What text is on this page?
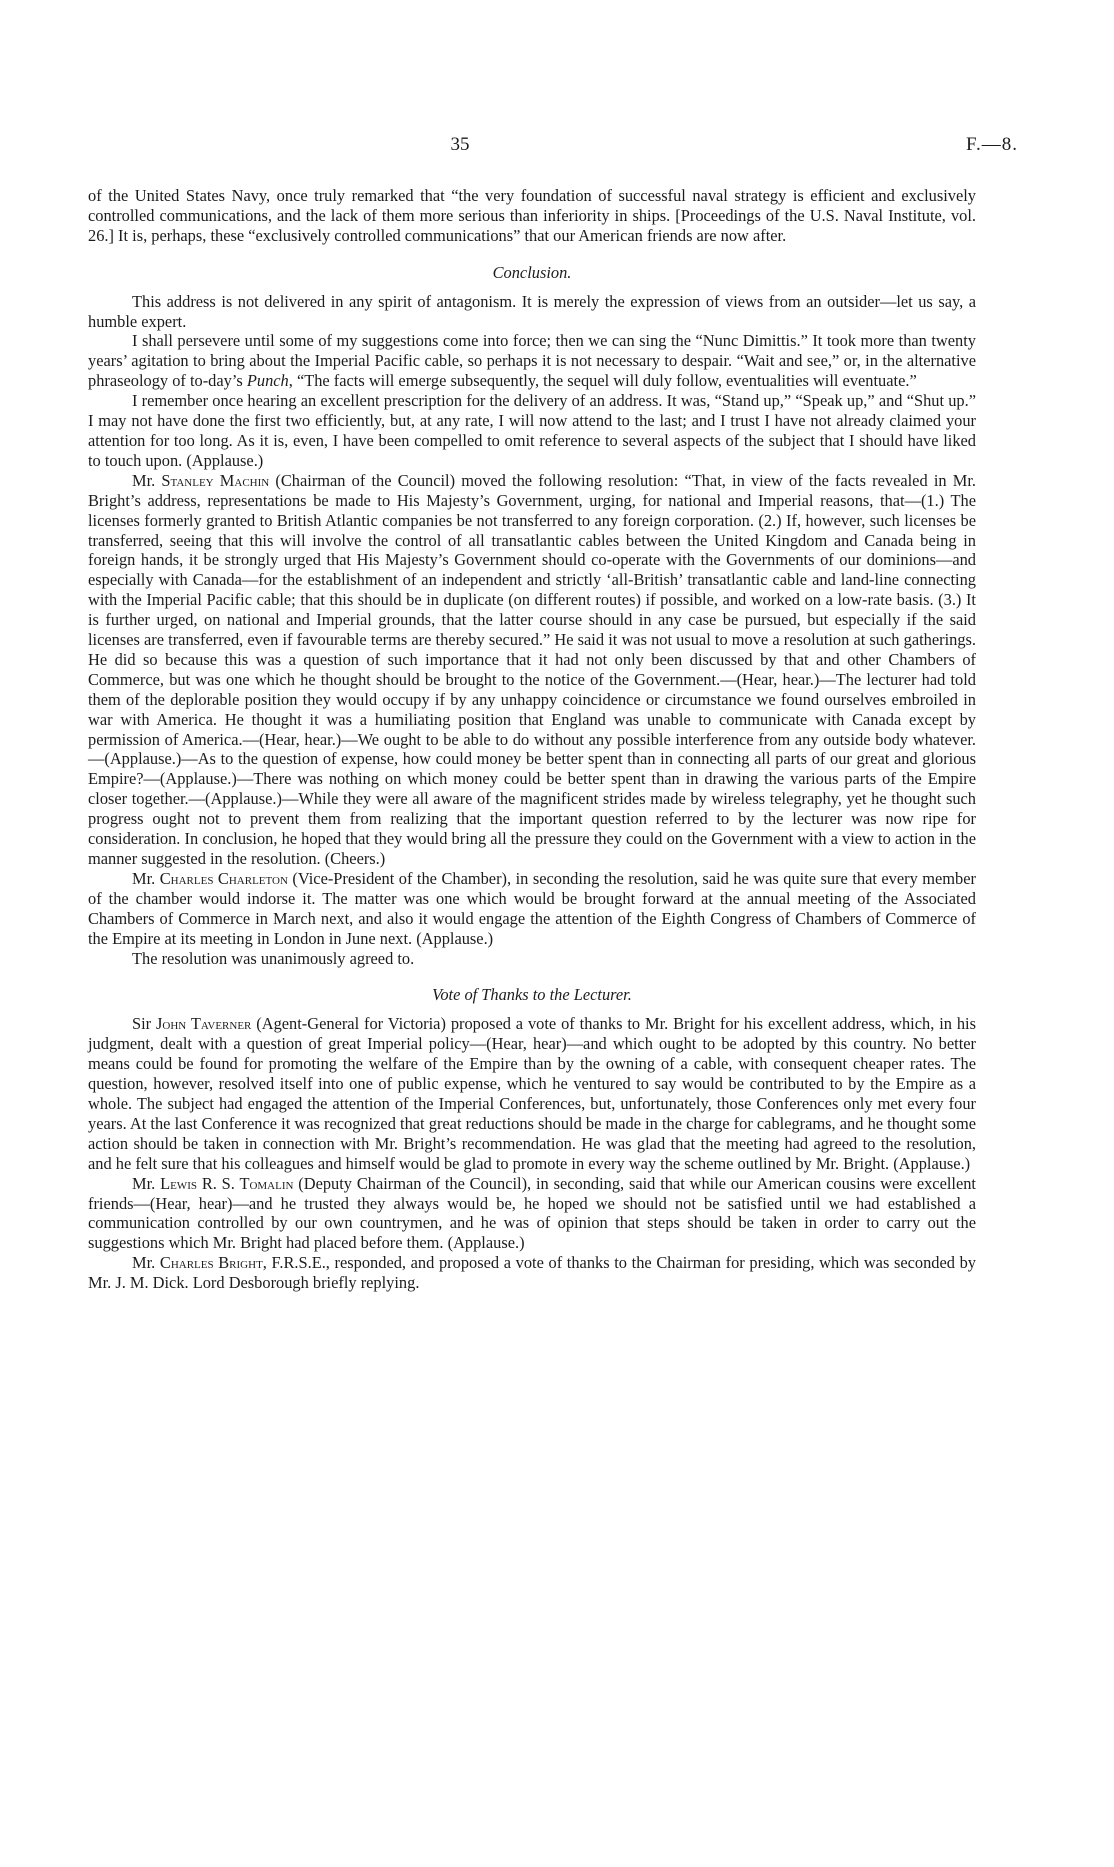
35	F.—8.

of the United States Navy, once truly remarked that “the very foundation of successful naval strategy is efficient and exclusively controlled communications, and the lack of them more serious than inferiority in ships. [Proceedings of the U.S. Naval Institute, vol. 26.] It is, perhaps, these “exclusively controlled communications” that our American friends are now after.

Conclusion.

This address is not delivered in any spirit of antagonism. It is merely the expression of views from an outsider—let us say, a humble expert.

I shall persevere until some of my suggestions come into force; then we can sing the “Nunc Dimittis.” It took more than twenty years’ agitation to bring about the Imperial Pacific cable, so perhaps it is not necessary to despair. “Wait and see,” or, in the alternative phraseology of to-day’s Punch, “The facts will emerge subsequently, the sequel will duly follow, eventualities will eventuate.”

I remember once hearing an excellent prescription for the delivery of an address. It was, “Stand up,” “Speak up,” and “Shut up.” I may not have done the first two efficiently, but, at any rate, I will now attend to the last; and I trust I have not already claimed your attention for too long. As it is, even, I have been compelled to omit reference to several aspects of the subject that I should have liked to touch upon. (Applause.)

Mr. Stanley Machin (Chairman of the Council) moved the following resolution: “That, in view of the facts revealed in Mr. Bright’s address, representations be made to His Majesty’s Government, urging, for national and Imperial reasons, that—(1.) The licenses formerly granted to British Atlantic companies be not transferred to any foreign corporation. (2.) If, however, such licenses be transferred, seeing that this will involve the control of all transatlantic cables between the United Kingdom and Canada being in foreign hands, it be strongly urged that His Majesty’s Government should co-operate with the Governments of our dominions—and especially with Canada—for the establishment of an independent and strictly ‘all-British’ transatlantic cable and land-line connecting with the Imperial Pacific cable; that this should be in duplicate (on different routes) if possible, and worked on a low-rate basis. (3.) It is further urged, on national and Imperial grounds, that the latter course should in any case be pursued, but especially if the said licenses are transferred, even if favourable terms are thereby secured.” He said it was not usual to move a resolution at such gatherings. He did so because this was a question of such importance that it had not only been discussed by that and other Chambers of Commerce, but was one which he thought should be brought to the notice of the Government.—(Hear, hear.)—The lecturer had told them of the deplorable position they would occupy if by any unhappy coincidence or circumstance we found ourselves embroiled in war with America. He thought it was a humiliating position that England was unable to communicate with Canada except by permission of America.—(Hear, hear.)—We ought to be able to do without any possible interference from any outside body whatever.—(Applause.)—As to the question of expense, how could money be better spent than in connecting all parts of our great and glorious Empire?—(Applause.)—There was nothing on which money could be better spent than in drawing the various parts of the Empire closer together.—(Applause.)—While they were all aware of the magnificent strides made by wireless telegraphy, yet he thought such progress ought not to prevent them from realizing that the important question referred to by the lecturer was now ripe for consideration. In conclusion, he hoped that they would bring all the pressure they could on the Government with a view to action in the manner suggested in the resolution. (Cheers.)

Mr. Charles Charleton (Vice-President of the Chamber), in seconding the resolution, said he was quite sure that every member of the chamber would indorse it. The matter was one which would be brought forward at the annual meeting of the Associated Chambers of Commerce in March next, and also it would engage the attention of the Eighth Congress of Chambers of Commerce of the Empire at its meeting in London in June next. (Applause.)

The resolution was unanimously agreed to.

Vote of Thanks to the Lecturer.

Sir John Taverner (Agent-General for Victoria) proposed a vote of thanks to Mr. Bright for his excellent address, which, in his judgment, dealt with a question of great Imperial policy—(Hear, hear)—and which ought to be adopted by this country. No better means could be found for promoting the welfare of the Empire than by the owning of a cable, with consequent cheaper rates. The question, however, resolved itself into one of public expense, which he ventured to say would be contributed to by the Empire as a whole. The subject had engaged the attention of the Imperial Conferences, but, unfortunately, those Conferences only met every four years. At the last Conference it was recognized that great reductions should be made in the charge for cablegrams, and he thought some action should be taken in connection with Mr. Bright’s recommendation. He was glad that the meeting had agreed to the resolution, and he felt sure that his colleagues and himself would be glad to promote in every way the scheme outlined by Mr. Bright. (Applause.)

Mr. Lewis R. S. Tomalin (Deputy Chairman of the Council), in seconding, said that while our American cousins were excellent friends—(Hear, hear)—and he trusted they always would be, he hoped we should not be satisfied until we had established a communication controlled by our own countrymen, and he was of opinion that steps should be taken in order to carry out the suggestions which Mr. Bright had placed before them. (Applause.)

Mr. Charles Bright, F.R.S.E., responded, and proposed a vote of thanks to the Chairman for presiding, which was seconded by Mr. J. M. Dick. Lord Desborough briefly replying.
